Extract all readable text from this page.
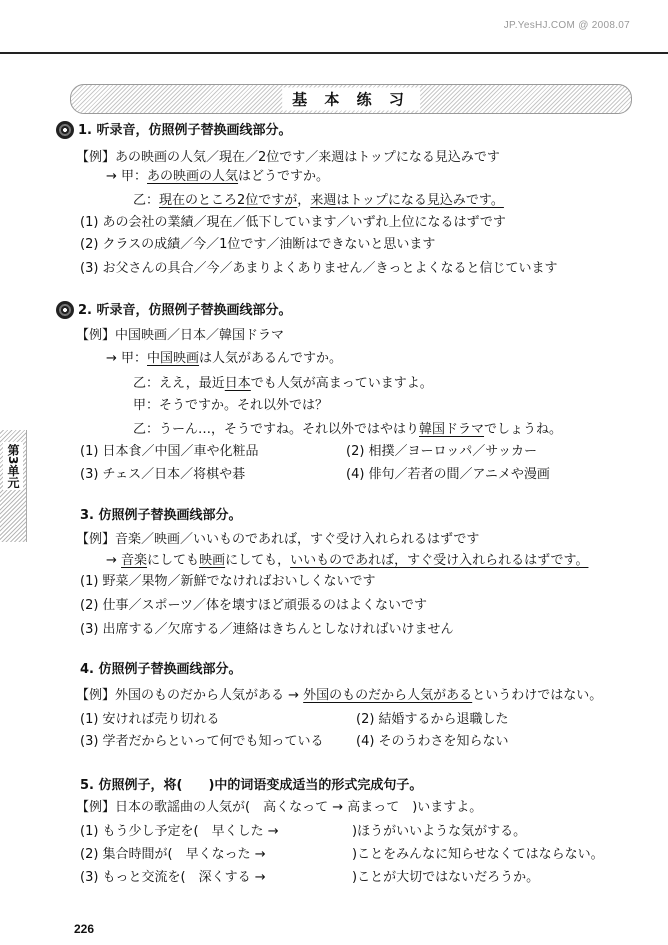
JP.YesHJ.COM @ 2008.07
基 本 练 习
第3单元
1. 听录音，仿照例子替换画线部分。
【例】あの映画の人気／現在／2位です／来週はトップになる見込みです
→ 甲：あの映画の人気はどうですか。
乙：現在のところ2位ですが，来週はトップになる見込みです。
(1) あの会社の業績／現在／低下しています／いずれ上位になるはずです
(2) クラスの成績／今／1位です／油断はできないと思います
(3) お父さんの具合／今／あまりよくありません／きっとよくなると信じています
2. 听录音，仿照例子替换画线部分。
【例】中国映画／日本／韓国ドラマ
→ 甲：中国映画は人気があるんですか。
乙：ええ，最近日本でも人気が高まっていますよ。
甲：そうですか。それ以外では？
乙：うーん…，そうですね。それ以外ではやはり韓国ドラマでしょうね。
(1) 日本食／中国／車や化粧品	(2) 相撲／ヨーロッパ／サッカー
(3) チェス／日本／将棋や碁	(4) 俳句／若者の間／アニメや漫画
3. 仿照例子替换画线部分。
【例】音楽／映画／いいものであれば，すぐ受け入れられるはずです
→ 音楽にしても映画にしても，いいものであれば，すぐ受け入れられるはずです。
(1) 野菜／果物／新鮮でなければおいしくないです
(2) 仕事／スポーツ／体を壊すほど頑張るのはよくないです
(3) 出席する／欠席する／連絡はきちんとしなければいけません
4. 仿照例子替换画线部分。
【例】外国のものだから人気がある → 外国のものだから人気があるというわけではない。
(1) 安ければ売り切れる	(2) 結婚するから退職した
(3) 学者だからといって何でも知っている (4) そのうわさを知らない
5. 仿照例子，将(　　)中的词语变成适当的形式完成句子。
【例】日本の歌謡曲の人気が(　高くなって → 高まって　)いますよ。
(1) もう少し予定を(　早くした →	)ほうがいいような気がする。
(2) 集合時間が(　早くなった →	)ことをみんなに知らせなくてはならない。
(3) もっと交流を(　深くする →	)ことが大切ではないだろうか。
226
